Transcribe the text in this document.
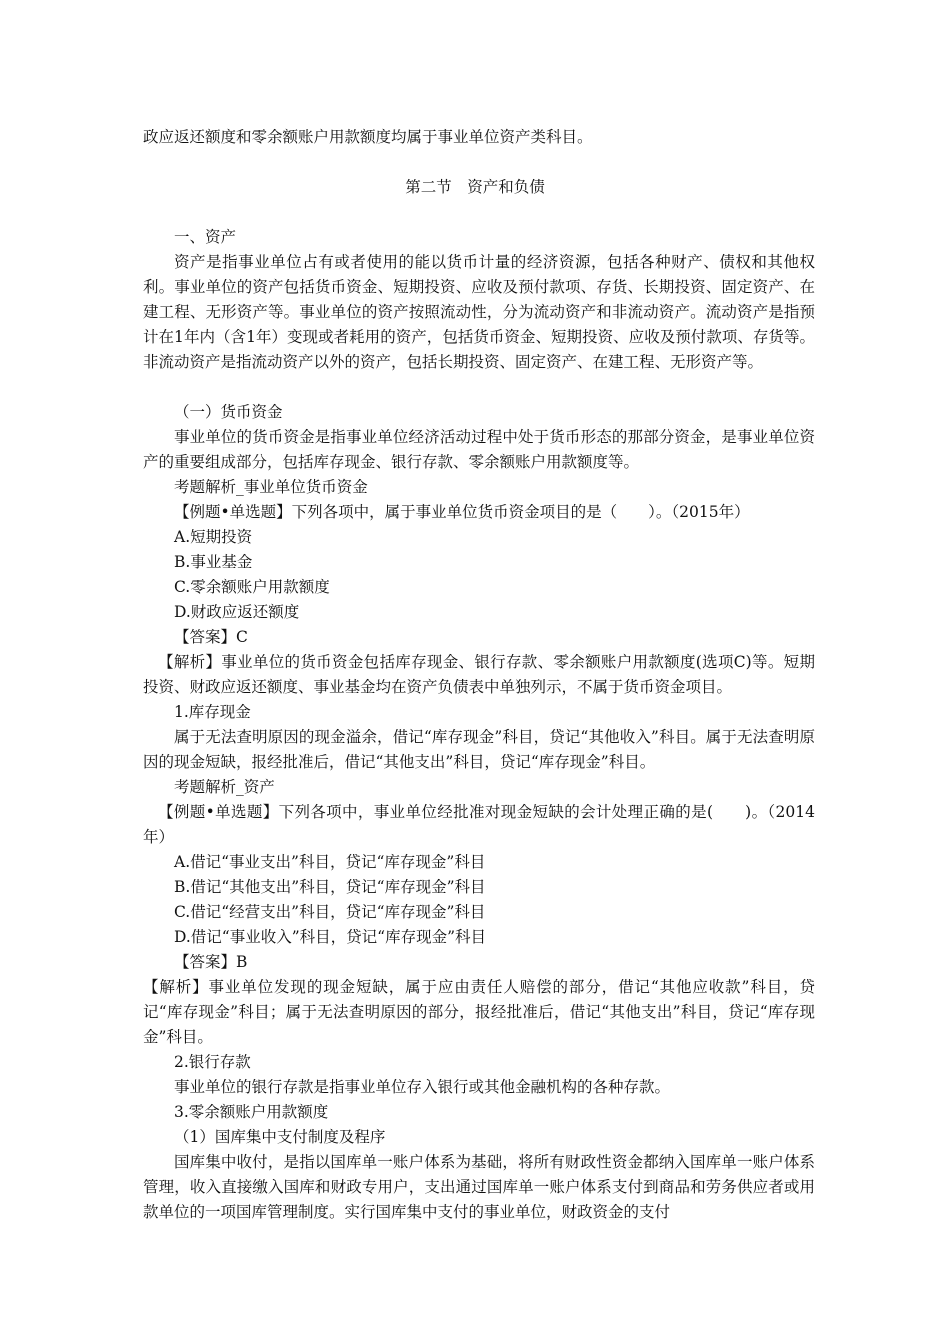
政应返还额度和零余额账户用款额度均属于事业单位资产类科目。

第二节　资产和负债

一、资产

资产是指事业单位占有或者使用的能以货币计量的经济资源，包括各种财产、债权和其他权利。事业单位的资产包括货币资金、短期投资、应收及预付款项、存货、长期投资、固定资产、在建工程、无形资产等。事业单位的资产按照流动性，分为流动资产和非流动资产。流动资产是指预计在1年内（含1年）变现或者耗用的资产，包括货币资金、短期投资、应收及预付款项、存货等。非流动资产是指流动资产以外的资产，包括长期投资、固定资产、在建工程、无形资产等。

（一）货币资金

事业单位的货币资金是指事业单位经济活动过程中处于货币形态的那部分资金，是事业单位资产的重要组成部分，包括库存现金、银行存款、零余额账户用款额度等。

考题解析_事业单位货币资金

【例题•单选题】下列各项中，属于事业单位货币资金项目的是（　　）。（2015年）

A.短期投资

B.事业基金

C.零余额账户用款额度

D.财政应返还额度

【答案】C

【解析】事业单位的货币资金包括库存现金、银行存款、零余额账户用款额度(选项C)等。短期投资、财政应返还额度、事业基金均在资产负债表中单独列示，不属于货币资金项目。

1.库存现金

属于无法查明原因的现金溢余，借记“库存现金”科目，贷记“其他收入”科目。属于无法查明原因的现金短缺，报经批准后，借记“其他支出”科目，贷记“库存现金”科目。

考题解析_资产

【例题•单选题】下列各项中，事业单位经批准对现金短缺的会计处理正确的是(　　)。（2014年）

A.借记“事业支出”科目，贷记“库存现金”科目

B.借记“其他支出”科目，贷记“库存现金”科目

C.借记“经营支出”科目，贷记“库存现金”科目

D.借记“事业收入”科目，贷记“库存现金”科目

【答案】B

【解析】事业单位发现的现金短缺，属于应由责任人赔偿的部分，借记“其他应收款”科目，贷记“库存现金”科目；属于无法查明原因的部分，报经批准后，借记“其他支出”科目，贷记“库存现金”科目。

2.银行存款

事业单位的银行存款是指事业单位存入银行或其他金融机构的各种存款。

3.零余额账户用款额度

（1）国库集中支付制度及程序

国库集中收付，是指以国库单一账户体系为基础，将所有财政性资金都纳入国库单一账户体系管理，收入直接缴入国库和财政专用户，支出通过国库单一账户体系支付到商品和劳务供应者或用款单位的一项国库管理制度。实行国库集中支付的事业单位，财政资金的支付
